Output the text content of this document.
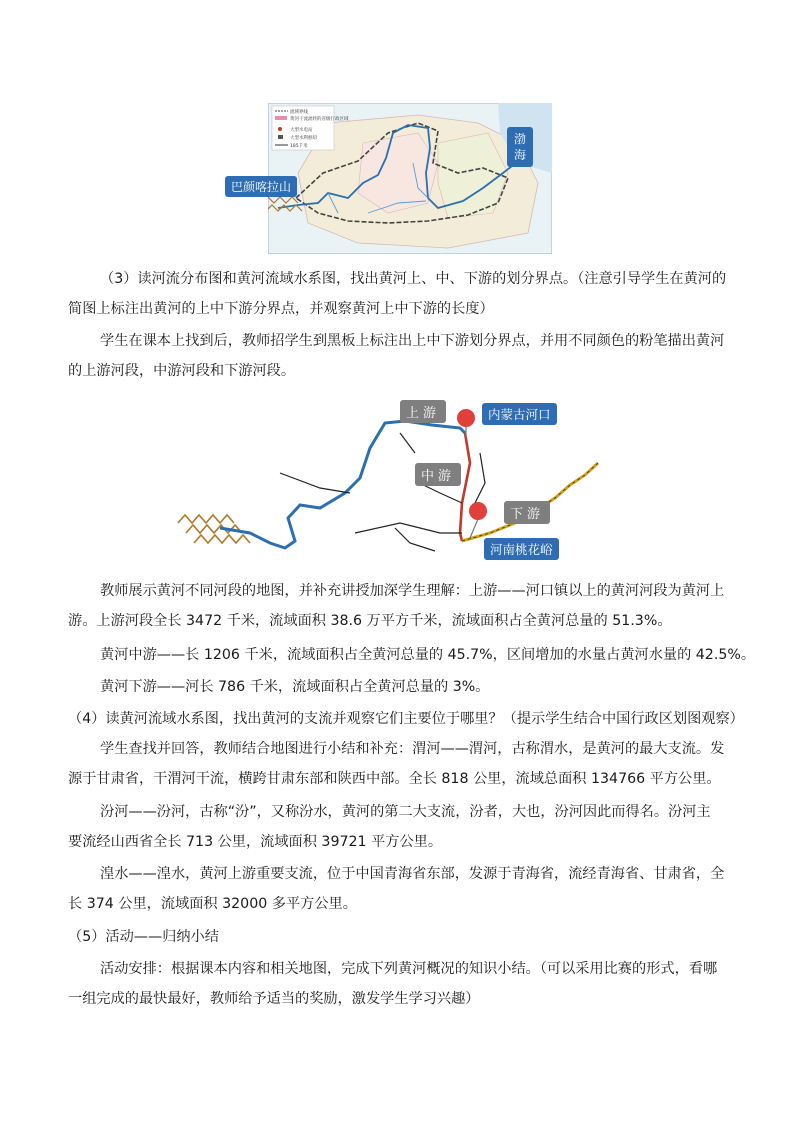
流域界线
黄河干流流经的省级行政区域
大型水电站
大型水利枢纽
185千米
巴颜喀拉山
渤海

（3）读河流分布图和黄河流域水系图，找出黄河上、中、下游的划分界点。（注意引导学生在黄河的

简图上标注出黄河的上中下游分界点，并观察黄河上中下游的长度）

学生在课本上找到后，教师招学生到黑板上标注出上中下游划分界点，并用不同颜色的粉笔描出黄河

的上游河段，中游河段和下游河段。

上游	内蒙古河口
中游
下游
河南桃花峪

教师展示黄河不同河段的地图，并补充讲授加深学生理解：上游——河口镇以上的黄河河段为黄河上

游。上游河段全长 3472 千米，流域面积 38.6 万平方千米，流域面积占全黄河总量的 51.3%。

黄河中游——长 1206 千米，流域面积占全黄河总量的 45.7%，区间增加的水量占黄河水量的 42.5%。

黄河下游——河长 786 千米，流域面积占全黄河总量的 3%。

（4）读黄河流域水系图，找出黄河的支流并观察它们主要位于哪里？（提示学生结合中国行政区划图观察）

学生查找并回答，教师结合地图进行小结和补充：渭河——渭河，古称渭水，是黄河的最大支流。发

源于甘肃省，干渭河干流，横跨甘肃东部和陕西中部。全长 818 公里，流域总面积 134766 平方公里。

汾河——汾河，古称“汾”，又称汾水，黄河的第二大支流，汾者，大也，汾河因此而得名。汾河主

要流经山西省全长 713 公里，流域面积 39721 平方公里。

湟水——湟水，黄河上游重要支流，位于中国青海省东部，发源于青海省，流经青海省、甘肃省，全

长 374 公里，流域面积 32000 多平方公里。

（5）活动——归纳小结

活动安排：根据课本内容和相关地图，完成下列黄河概况的知识小结。（可以采用比赛的形式，看哪

一组完成的最快最好，教师给予适当的奖励，激发学生学习兴趣）
